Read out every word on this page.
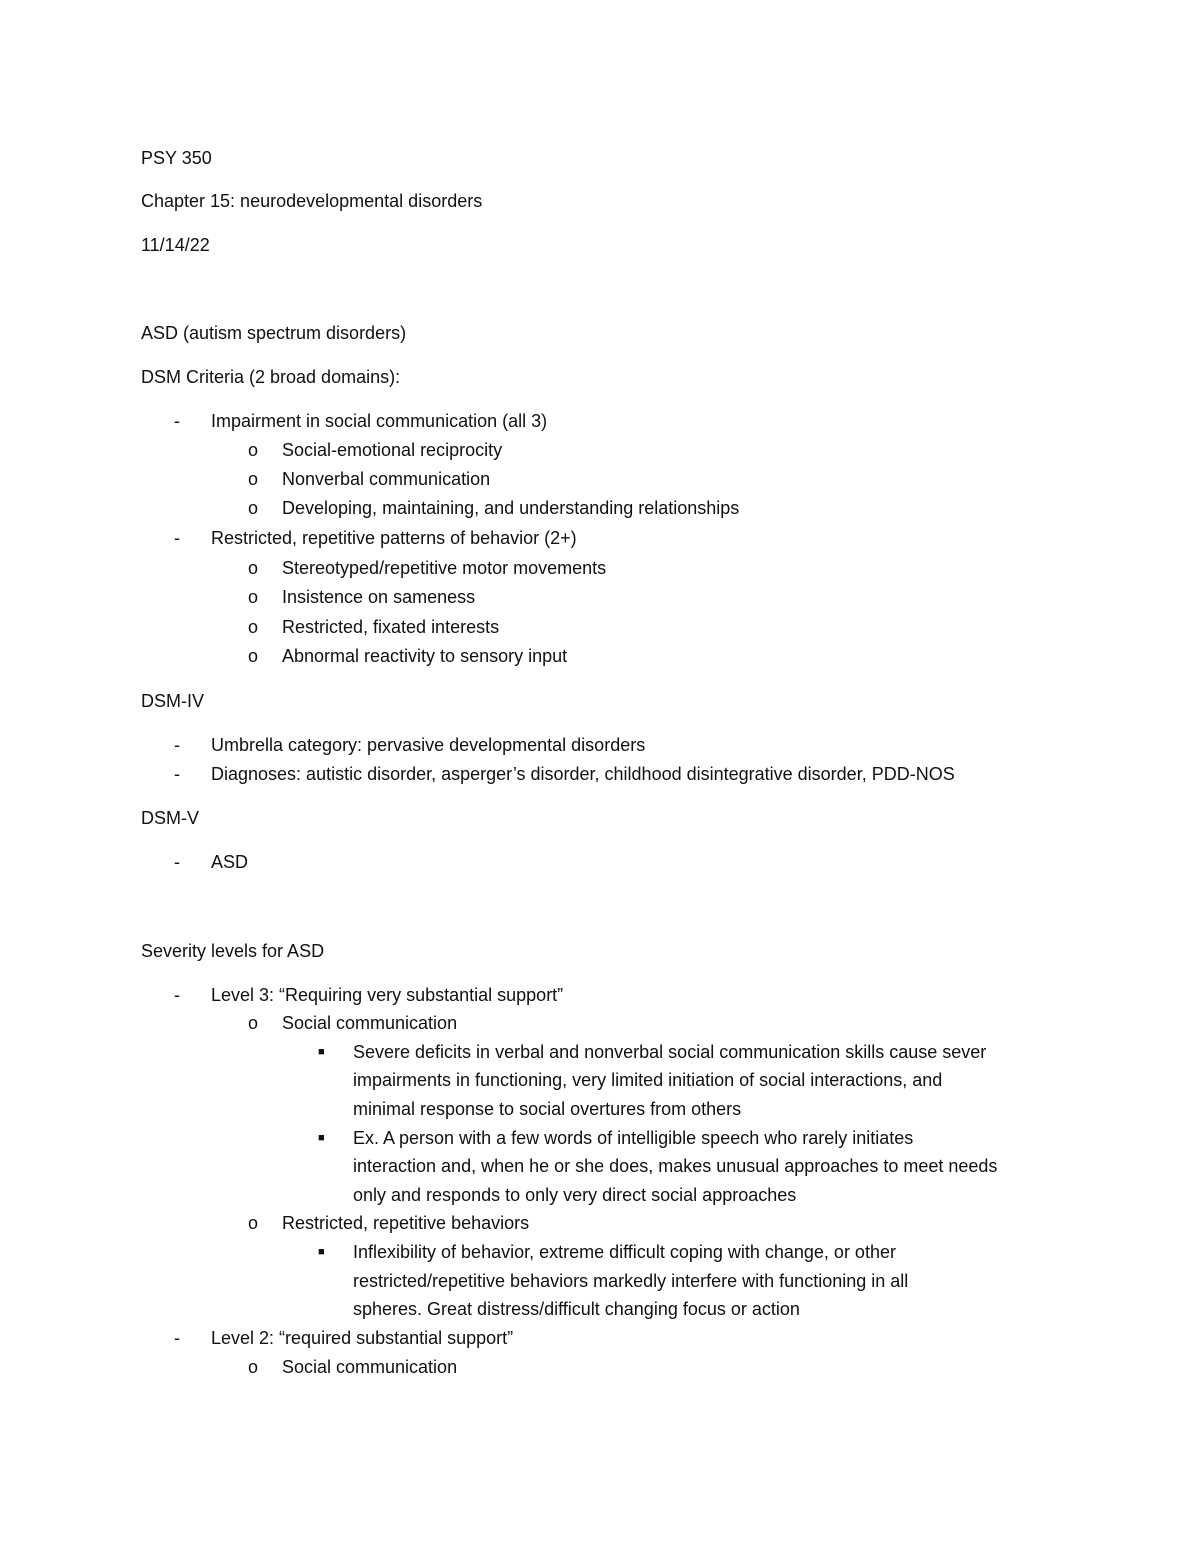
PSY 350
Chapter 15: neurodevelopmental disorders
11/14/22
ASD (autism spectrum disorders)
DSM Criteria (2 broad domains):
- Impairment in social communication (all 3)
o Social-emotional reciprocity
o Nonverbal communication
o Developing, maintaining, and understanding relationships
- Restricted, repetitive patterns of behavior (2+)
o Stereotyped/repetitive motor movements
o Insistence on sameness
o Restricted, fixated interests
o Abnormal reactivity to sensory input
DSM-IV
- Umbrella category: pervasive developmental disorders
- Diagnoses: autistic disorder, asperger’s disorder, childhood disintegrative disorder, PDD-NOS
DSM-V
- ASD
Severity levels for ASD
- Level 3: “Requiring very substantial support”
o Social communication
■ Severe deficits in verbal and nonverbal social communication skills cause sever
impairments in functioning, very limited initiation of social interactions, and
minimal response to social overtures from others
■ Ex. A person with a few words of intelligible speech who rarely initiates
interaction and, when he or she does, makes unusual approaches to meet needs
only and responds to only very direct social approaches
o Restricted, repetitive behaviors
■ Inflexibility of behavior, extreme difficult coping with change, or other
restricted/repetitive behaviors markedly interfere with functioning in all
spheres. Great distress/difficult changing focus or action
- Level 2: “required substantial support”
o Social communication
